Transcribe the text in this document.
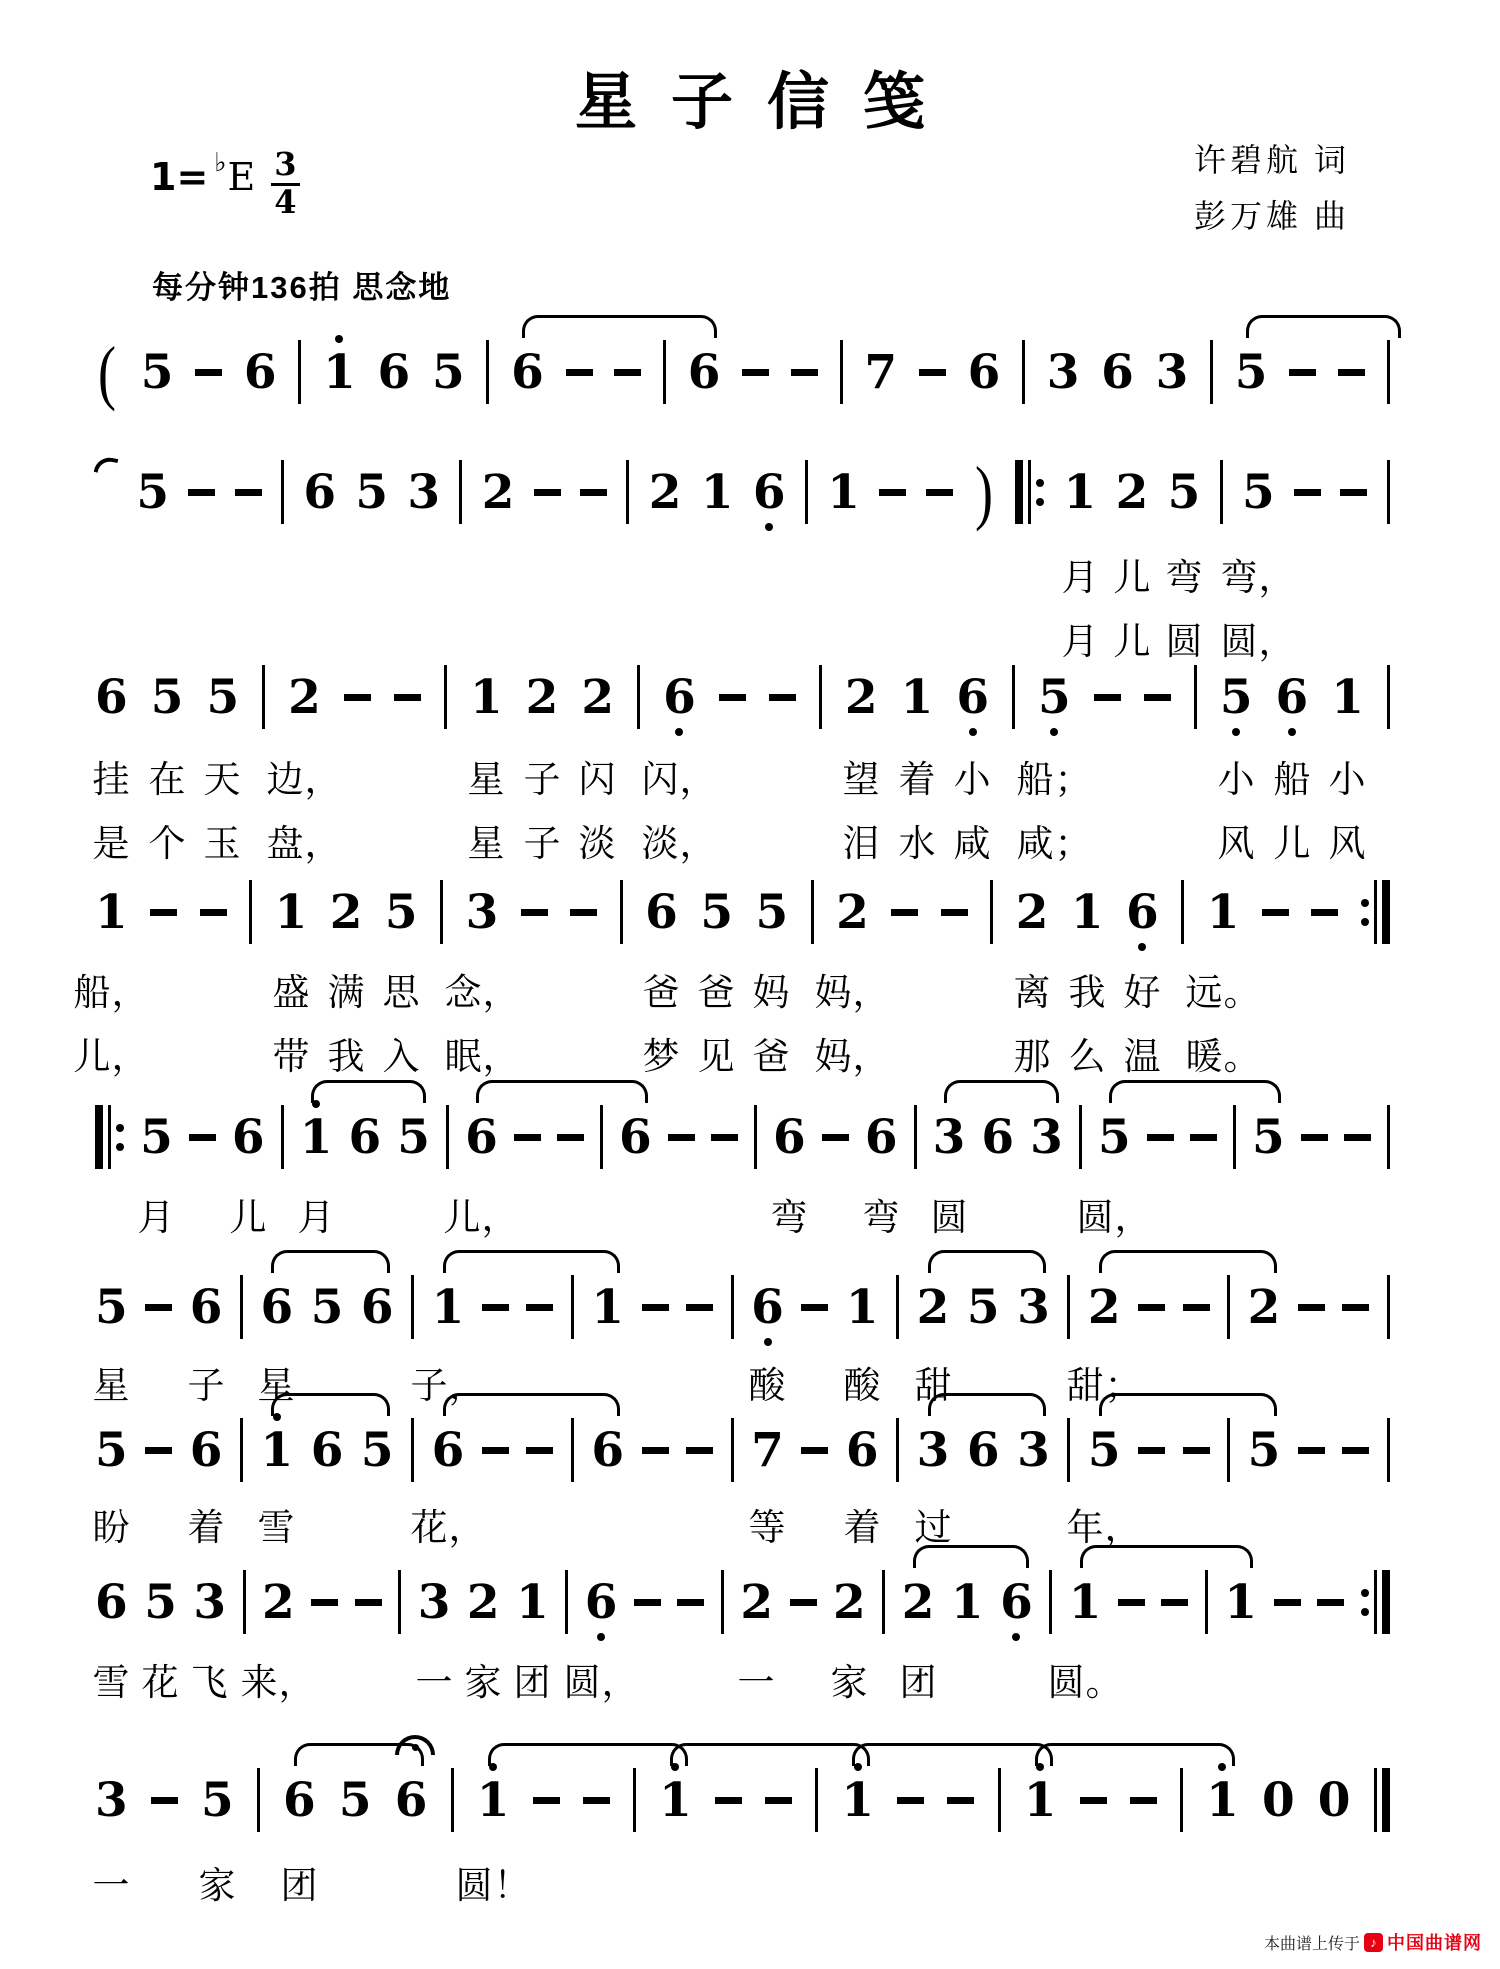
星子信笺
许碧航 词
彭万雄 曲
1= ♭ E $\frac{3}{4}$
每分钟136拍 思念地
( 5 6 1 6 5 6	6	7 6 3 6 3 5
5	6 5 3 2	2 1 6 1 ) 1 2 5 5
月 儿 弯 弯，
月 儿 圆 圆，
6 5 5 2	1 2 2 6	2 1 6 5	5 6 1
挂 在 天 边，	星 子 闪 闪，	望 着 小 船；	小 船 小
是 个 玉 盘，	星 子 淡 淡，	泪 水 咸 咸；	风 儿 风
1	1 2 5 3	6 5 5 2	2 1 6 1
船，	盛 满 思 念，	爸 爸 妈 妈，	离 我 好 远。
儿，	带 我 入 眠，	梦 见 爸 妈，	那 么 温 暖。
5 6 1 6 5 6	6	6 6 3 6 3 5	5
月 儿 月	儿，	弯 弯 圆	圆，
5 6 6 5 6 1	1	6 1 2 5 3 2	2
星 子 星	子，	酸 酸 甜	甜；
5 6 1 6 5 6	6	7 6 3 6 3 5	5
盼 着 雪	花，	等 着 过	年，
6 5 3 2	3 2 1 6	2 2 2 1 6 1	1
雪 花 飞 来，	一 家 团 圆，	一 家 团	圆。
3 5 6 5 6 1	1	1	1	1 0 0
一 家 团	圆！
本曲谱上传于 ♪ 中国曲谱网
